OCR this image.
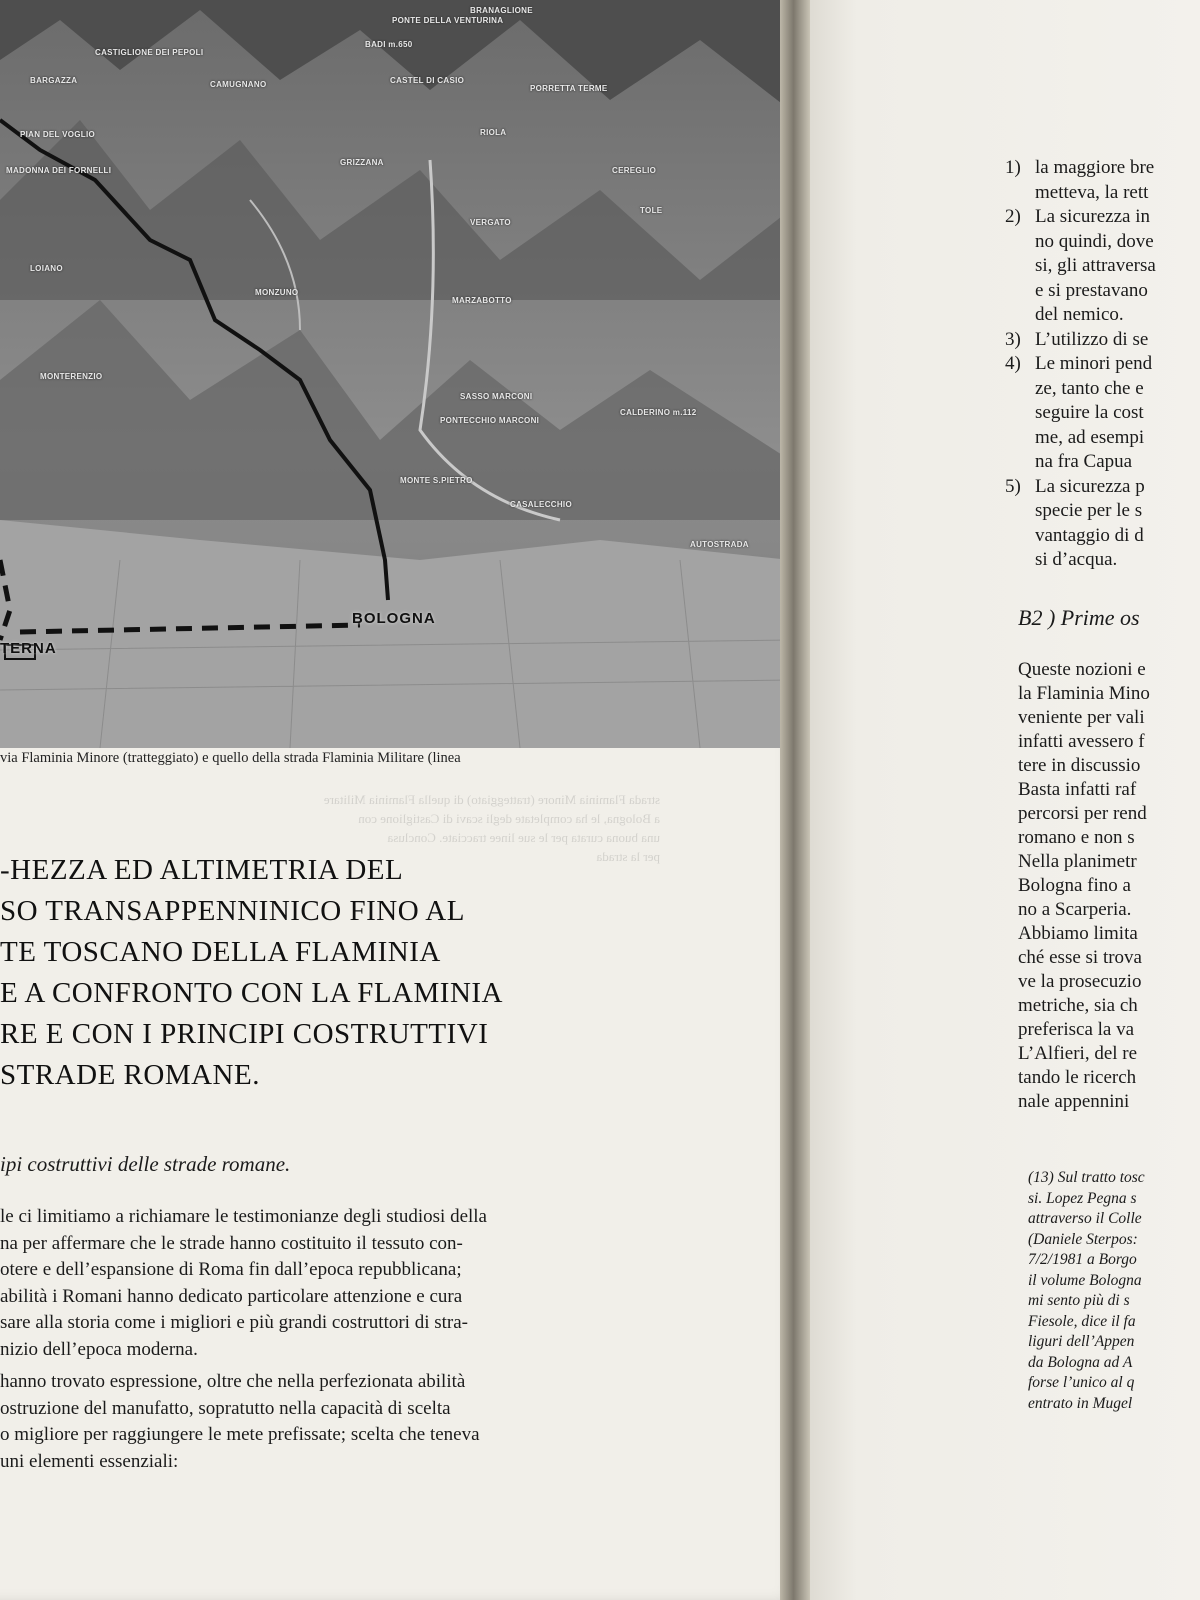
BRANAGLIONE
PONTE DELLA VENTURINA
BADI m.650
CASTIGLIONE DEI PEPOLI
BARGAZZA	CAMUGNANO	CASTEL DI CASIO
PORRETTA TERME
RIOLA
PIAN DEL VOGLIO
MADONNA DEI FORNELLI
GRIZZANA
VERGATO
CEREGLIO
TOLE
LOIANO
MONZUNO
MARZABOTTO
MONTERENZIO
SASSO MARCONI
PONTECCHIO MARCONI
MONTE S.PIETRO
CALDERINO m.112
CASALECCHIO
AUTOSTRADA
TERNA
BOLOGNA
via Flaminia Minore (tratteggiato) e quello della strada Flaminia Militare (linea
strada Flaminia Minore (tratteggiato) di quella Flaminia Militare
a Bologna, le ha completate degli scavi di Castiglione con
una buona curata per le sue linee tracciate. Conclusa
per la strada
-HEZZA ED ALTIMETRIA DEL
SO TRANSAPPENNINICO FINO AL
TE TOSCANO DELLA FLAMINIA
E A CONFRONTO CON LA FLAMINIA
RE E CON I PRINCIPI COSTRUTTIVI
STRADE ROMANE.
ipi costruttivi delle strade romane.
le ci limitiamo a richiamare le testimonianze degli studiosi della
na per affermare che le strade hanno costituito il tessuto con-
otere e dell’espansione di Roma fin dall’epoca repubblicana;
abilità i Romani hanno dedicato particolare attenzione e cura
sare alla storia come i migliori e più grandi costruttori di stra-
nizio dell’epoca moderna.
hanno trovato espressione, oltre che nella perfezionata abilità
ostruzione del manufatto, sopratutto nella capacità di scelta
o migliore per raggiungere le mete prefissate; scelta che teneva
uni elementi essenziali:
1) la maggiore bre
metteva, la rett
2) La sicurezza in
no quindi, dove
si, gli attraversa
e si prestavano
del nemico.
3) L’utilizzo di se
4) Le minori pend
ze, tanto che e
seguire la cost
me, ad esempi
na fra Capua
5) La sicurezza p
specie per le s
vantaggio di d
si d’acqua.
B2 ) Prime os
Queste nozioni e
la Flaminia Mino
veniente per vali
infatti avessero f
tere in discussio
Basta infatti raf
percorsi per rend
romano e non s
Nella planimetr
Bologna fino a
no a Scarperia.
Abbiamo limita
ché esse si trova
ve la prosecuzio
metriche, sia ch
preferisca la va
L’Alfieri, del re
tando le ricerch
nale appennini
(13) Sul tratto tosc
si. Lopez Pegna s
attraverso il Colle
(Daniele Sterpos:
7/2/1981 a Borgo
il volume Bologna
mi sento più di s
Fiesole, dice il fa
liguri dell’Appen
da Bologna ad A
forse l’unico al q
entrato in Mugel
